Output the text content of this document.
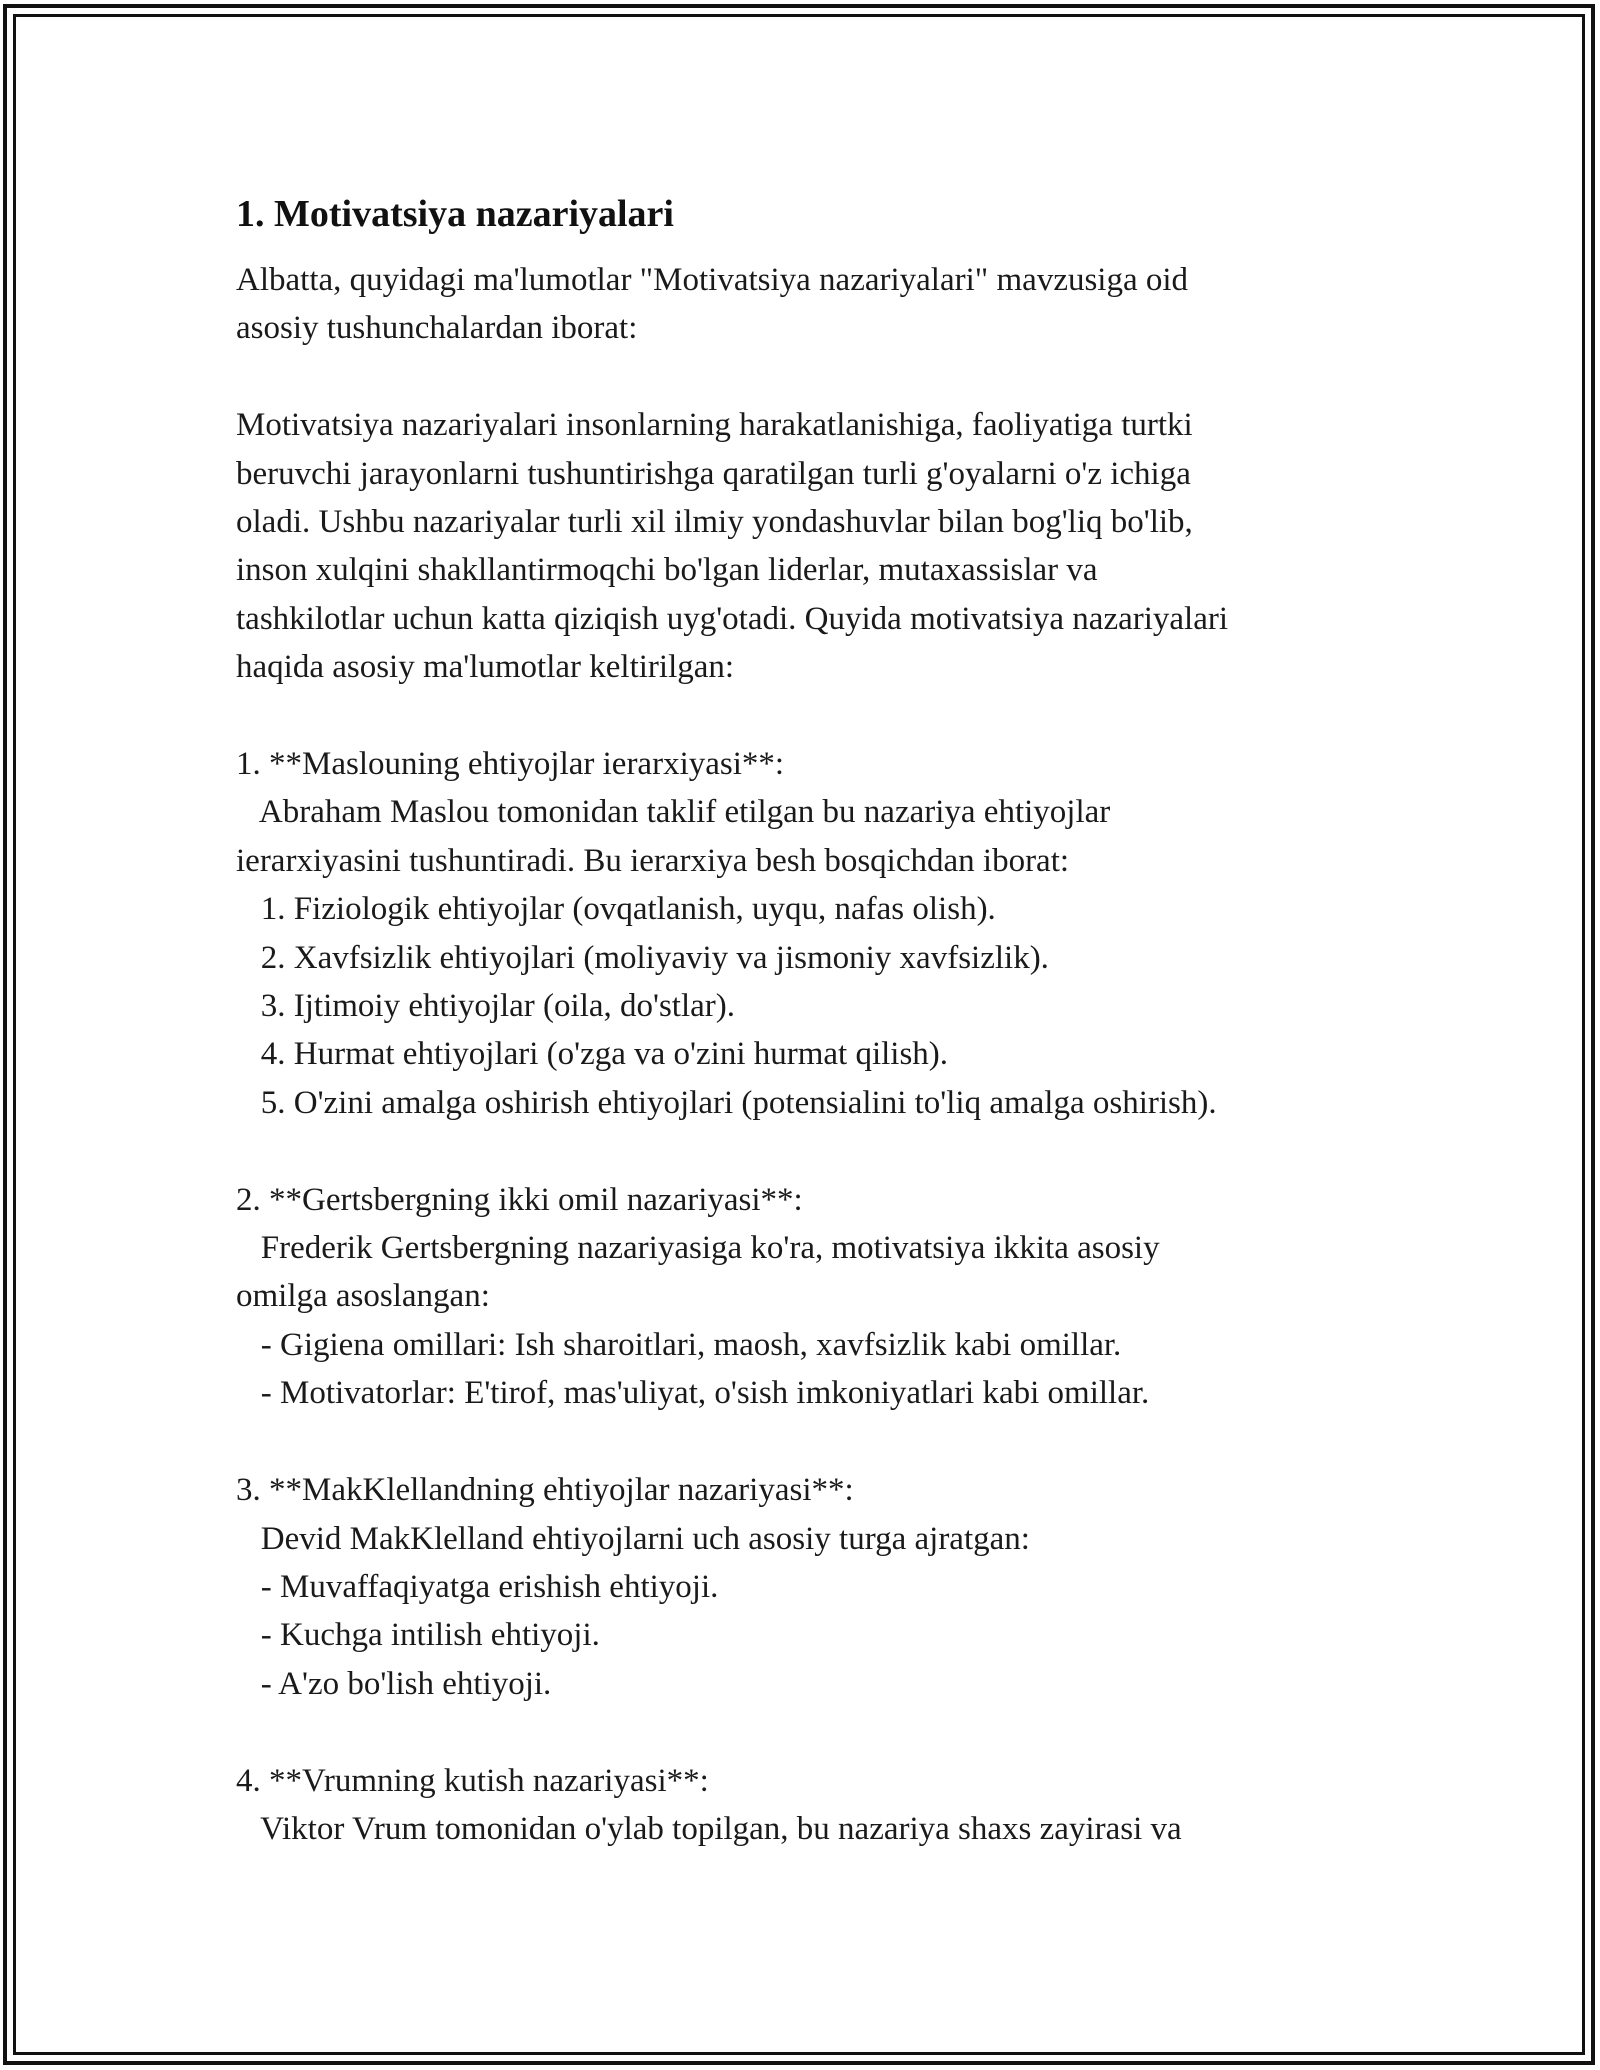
1. Motivatsiya nazariyalari
Albatta, quyidagi ma'lumotlar "Motivatsiya nazariyalari" mavzusiga oid
asosiy tushunchalardan iborat:
Motivatsiya nazariyalari insonlarning harakatlanishiga, faoliyatiga turtki
beruvchi jarayonlarni tushuntirishga qaratilgan turli g'oyalarni o'z ichiga
oladi. Ushbu nazariyalar turli xil ilmiy yondashuvlar bilan bog'liq bo'lib,
inson xulqini shakllantirmoqchi bo'lgan liderlar, mutaxassislar va
tashkilotlar uchun katta qiziqish uyg'otadi. Quyida motivatsiya nazariyalari
haqida asosiy ma'lumotlar keltirilgan:
1. **Maslouning ehtiyojlar ierarxiyasi**:
Abraham Maslou tomonidan taklif etilgan bu nazariya ehtiyojlar
ierarxiyasini tushuntiradi. Bu ierarxiya besh bosqichdan iborat:
1. Fiziologik ehtiyojlar (ovqatlanish, uyqu, nafas olish).
2. Xavfsizlik ehtiyojlari (moliyaviy va jismoniy xavfsizlik).
3. Ijtimoiy ehtiyojlar (oila, do'stlar).
4. Hurmat ehtiyojlari (o'zga va o'zini hurmat qilish).
5. O'zini amalga oshirish ehtiyojlari (potensialini to'liq amalga oshirish).
2. **Gertsbergning ikki omil nazariyasi**:
Frederik Gertsbergning nazariyasiga ko'ra, motivatsiya ikkita asosiy
omilga asoslangan:
- Gigiena omillari: Ish sharoitlari, maosh, xavfsizlik kabi omillar.
- Motivatorlar: E'tirof, mas'uliyat, o'sish imkoniyatlari kabi omillar.
3. **MakKlellandning ehtiyojlar nazariyasi**:
Devid MakKlelland ehtiyojlarni uch asosiy turga ajratgan:
- Muvaffaqiyatga erishish ehtiyoji.
- Kuchga intilish ehtiyoji.
- A'zo bo'lish ehtiyoji.
4. **Vrumning kutish nazariyasi**:
Viktor Vrum tomonidan o'ylab topilgan, bu nazariya shaxs zayirasi va
